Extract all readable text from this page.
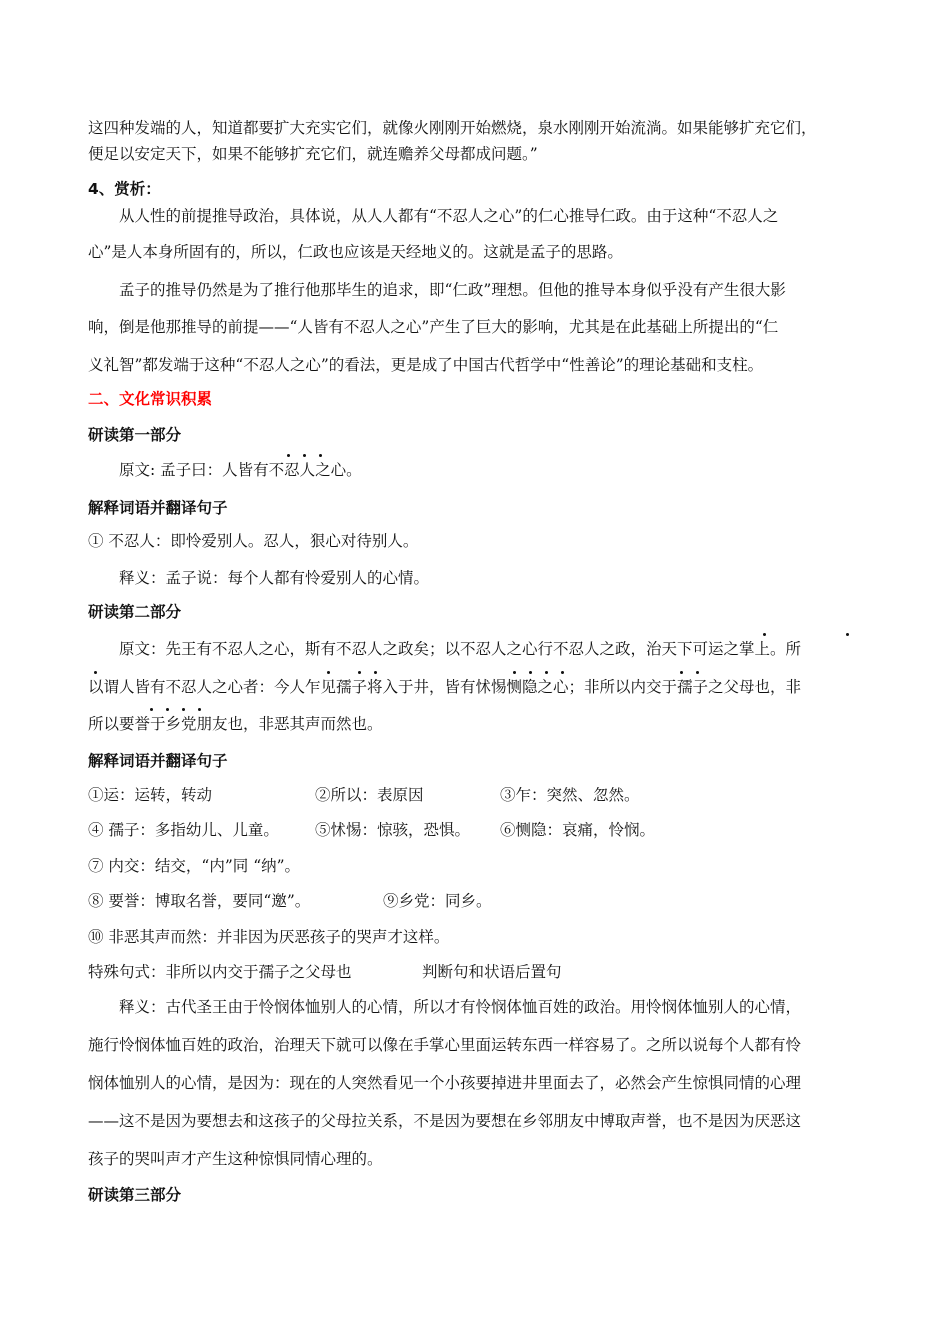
这四种发端的人，知道都要扩大充实它们，就像火刚刚开始燃烧，泉水刚刚开始流淌。如果能够扩充它们，
便足以安定天下，如果不能够扩充它们，就连赡养父母都成问题。”
4、赏析：
从人性的前提推导政治，具体说，从人人都有“不忍人之心”的仁心推导仁政。由于这种“不忍人之
心”是人本身所固有的，所以，仁政也应该是天经地义的。这就是孟子的思路。
孟子的推导仍然是为了推行他那毕生的追求，即“仁政”理想。但他的推导本身似乎没有产生很大影
响，倒是他那推导的前提——“人皆有不忍人之心”产生了巨大的影响，尤其是在此基础上所提出的“仁
义礼智”都发端于这种“不忍人之心”的看法，更是成了中国古代哲学中“性善论”的理论基础和支柱。
二、文化常识积累
研读第一部分
原文: 孟子曰：人皆有不忍人之心。
解释词语并翻译句子
① 不忍人：即怜爱别人。忍人，狠心对待别人。
释义：孟子说：每个人都有怜爱别人的心情。
研读第二部分
原文：先王有不忍人之心，斯有不忍人之政矣；以不忍人之心行不忍人之政，治天下可运之掌上。所
以谓人皆有不忍人之心者：今人乍见孺子将入于井，皆有怵惕恻隐之心；非所以内交于孺子之父母也，非
所以要誉于乡党朋友也，非恶其声而然也。
解释词语并翻译句子
①运：运转，转动	②所以：表原因	③乍：突然、忽然。
④ 孺子：多指幼儿、儿童。 ⑤怵惕：惊骇，恐惧。 ⑥恻隐：哀痛，怜悯。
⑦ 内交：结交，“内”同 “纳”。
⑧ 要誉：博取名誉，要同“邀”。	⑨乡党：同乡。
⑩ 非恶其声而然：并非因为厌恶孩子的哭声才这样。
特殊句式：非所以内交于孺子之父母也	判断句和状语后置句
释义：古代圣王由于怜悯体恤别人的心情，所以才有怜悯体恤百姓的政治。用怜悯体恤别人的心情，
施行怜悯体恤百姓的政治，治理天下就可以像在手掌心里面运转东西一样容易了。之所以说每个人都有怜
悯体恤别人的心情，是因为：现在的人突然看见一个小孩要掉进井里面去了，必然会产生惊惧同情的心理
——这不是因为要想去和这孩子的父母拉关系，不是因为要想在乡邻朋友中博取声誉，也不是因为厌恶这
孩子的哭叫声才产生这种惊惧同情心理的。
研读第三部分
